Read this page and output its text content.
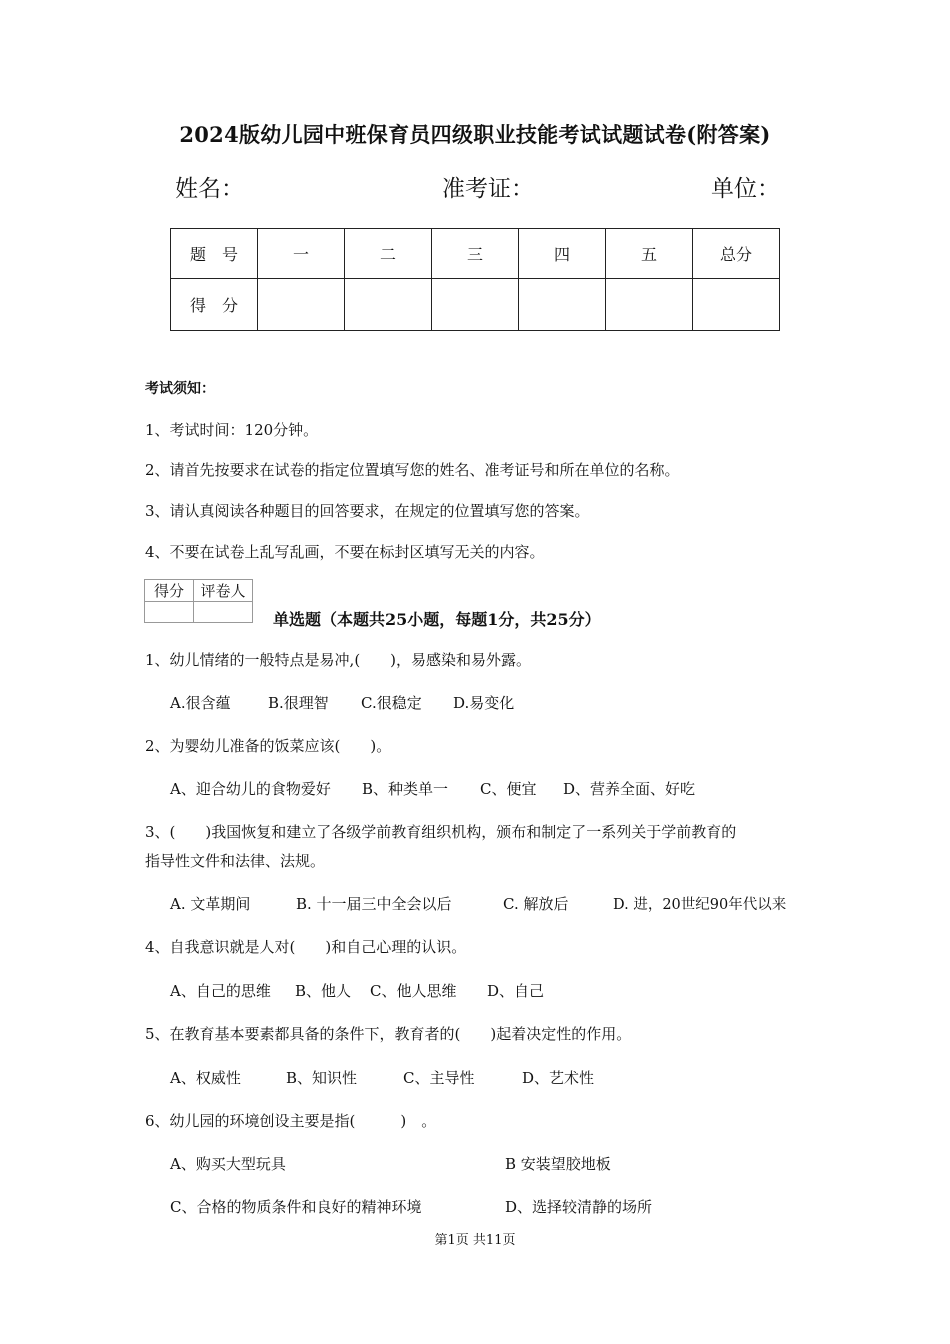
2024版幼儿园中班保育员四级职业技能考试试题试卷(附答案)
姓名：	准考证：	单位：
题　号	一	二	三	四	五	总分
得　分						
考试须知：
1、考试时间：120分钟。
2、请首先按要求在试卷的指定位置填写您的姓名、准考证号和所在单位的名称。
3、请认真阅读各种题目的回答要求，在规定的位置填写您的答案。
4、不要在试卷上乱写乱画，不要在标封区填写无关的内容。
得分	评卷人

单选题（本题共25小题，每题1分，共25分）
1、幼儿情绪的一般特点是易冲,(　　)，易感染和易外露。
A.很含蕴 B.很理智 C.很稳定 D.易变化
2、为婴幼儿准备的饭菜应该(　　)。
A、迎合幼儿的食物爱好 B、种类单一 C、便宜 D、营养全面、好吃
3、(　　)我国恢复和建立了各级学前教育组织机构，颁布和制定了一系列关于学前教育的
指导性文件和法律、法规。
A. 文革期间	B. 十一届三中全会以后	C. 解放后	D. 进，20世纪90年代以来
4、自我意识就是人对(　　)和自己心理的认识。
A、自己的思维 B、他人 C、他人思维 D、自己
5、在教育基本要素都具备的条件下，教育者的(　　)起着决定性的作用。
A、权威性	B、知识性	C、主导性	D、艺术性
6、幼儿园的环境创设主要是指(　　　)　。
A、购买大型玩具	B 安装望胶地板
C、合格的物质条件和良好的精神环境	D、选择较清静的场所
第1页 共11页
